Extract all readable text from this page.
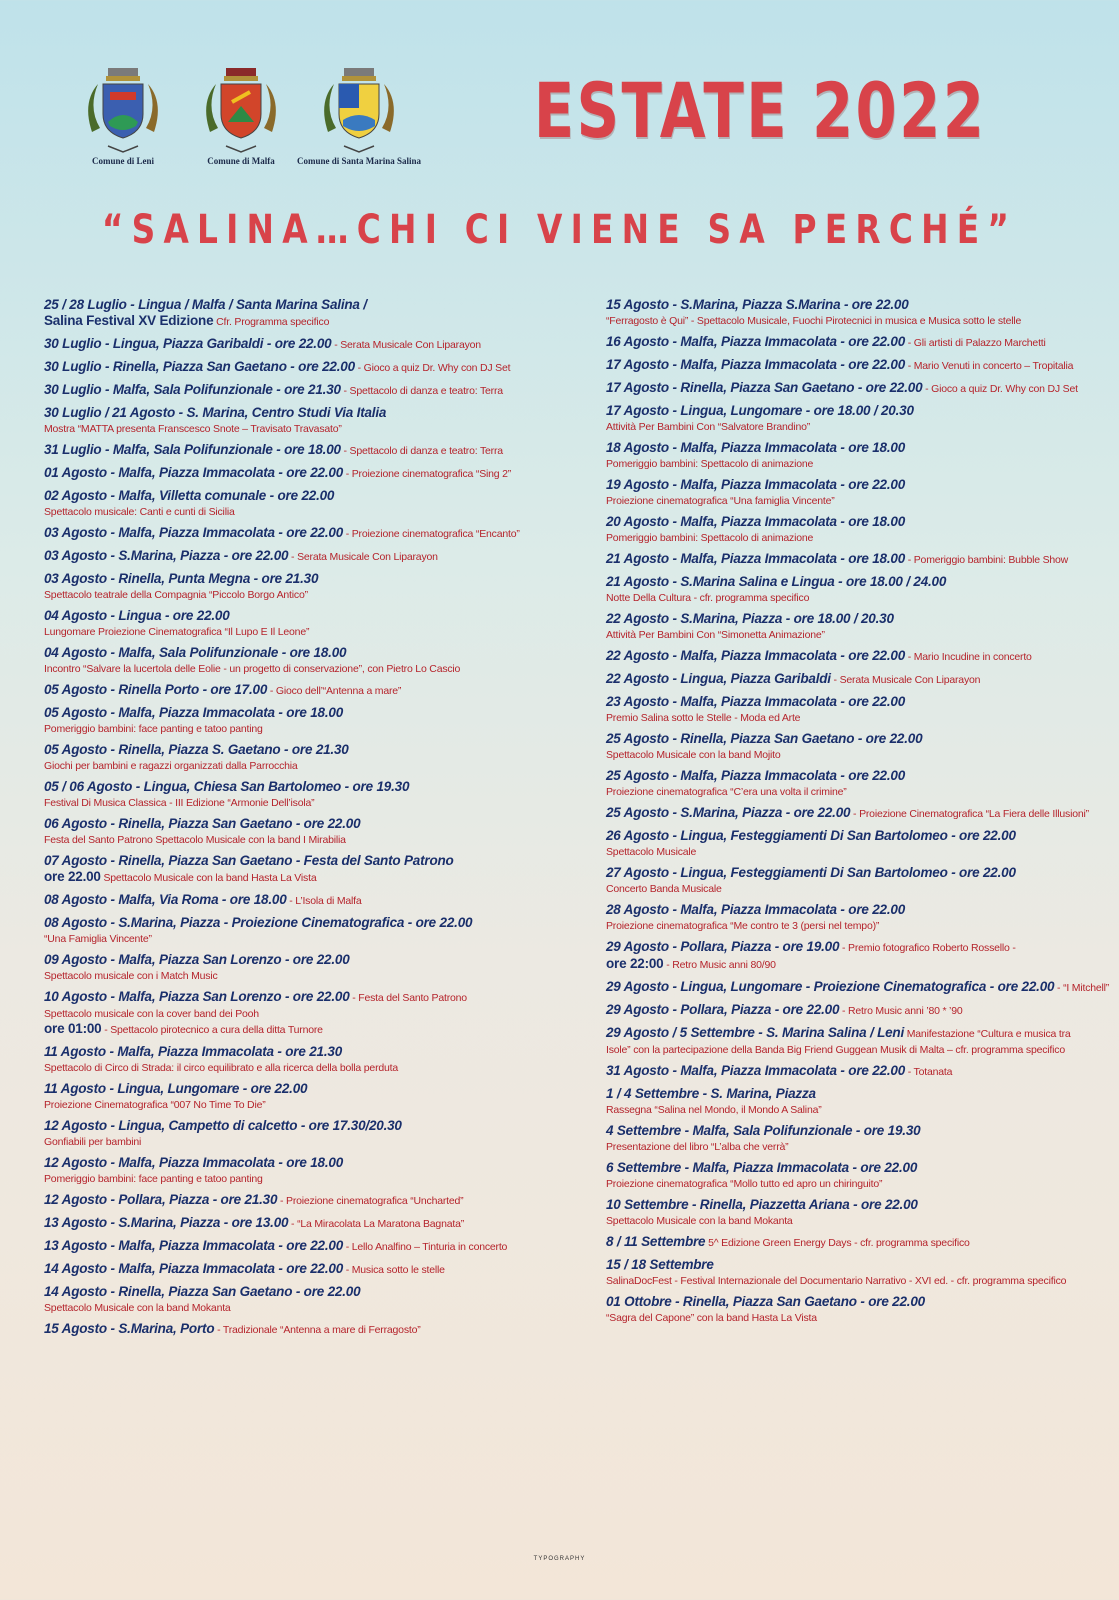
Comune di Leni	Comune di Malfa	Comune di Santa Marina Salina
ESTATE 2022
“SALINA…CHI CI VIENE SA PERCHÉ”
25 / 28 Luglio - Lingua / Malfa / Santa Marina Salina /
Salina Festival XV Edizione Cfr. Programma specifico
30 Luglio - Lingua, Piazza Garibaldi - ore 22.00 - Serata Musicale Con Liparayon
30 Luglio - Rinella, Piazza San Gaetano - ore 22.00 - Gioco a quiz Dr. Why con DJ Set
30 Luglio - Malfa, Sala Polifunzionale - ore 21.30 - Spettacolo di danza e teatro: Terra
30 Luglio / 21 Agosto - S. Marina, Centro Studi Via Italia
Mostra “MATTA presenta Franscesco Snote – Travisato Travasato”
31 Luglio - Malfa, Sala Polifunzionale - ore 18.00 - Spettacolo di danza e teatro: Terra
01 Agosto - Malfa, Piazza Immacolata - ore 22.00 - Proiezione cinematografica “Sing 2”
02 Agosto - Malfa, Villetta comunale - ore 22.00
Spettacolo musicale: Canti e cunti di Sicilia
03 Agosto - Malfa, Piazza Immacolata - ore 22.00 - Proiezione cinematografica “Encanto”
03 Agosto - S.Marina, Piazza - ore 22.00 - Serata Musicale Con Liparayon
03 Agosto - Rinella, Punta Megna - ore 21.30
Spettacolo teatrale della Compagnia “Piccolo Borgo Antico”
04 Agosto - Lingua - ore 22.00
Lungomare Proiezione Cinematografica “Il Lupo E Il Leone”
04 Agosto - Malfa, Sala Polifunzionale - ore 18.00
Incontro “Salvare la lucertola delle Eolie - un progetto di conservazione”, con Pietro Lo Cascio
05 Agosto - Rinella Porto - ore 17.00 - Gioco dell’“Antenna a mare”
05 Agosto - Malfa, Piazza Immacolata - ore 18.00
Pomeriggio bambini: face panting e tatoo panting
05 Agosto - Rinella, Piazza S. Gaetano - ore 21.30
Giochi per bambini e ragazzi organizzati dalla Parrocchia
05 / 06 Agosto - Lingua, Chiesa San Bartolomeo - ore 19.30
Festival Di Musica Classica - III Edizione “Armonie Dell’isola”
06 Agosto - Rinella, Piazza San Gaetano - ore 22.00
Festa del Santo Patrono Spettacolo Musicale con la band I Mirabilia
07 Agosto - Rinella, Piazza San Gaetano - Festa del Santo Patrono
ore 22.00 Spettacolo Musicale con la band Hasta La Vista
08 Agosto - Malfa, Via Roma - ore 18.00 - L’Isola di Malfa
08 Agosto - S.Marina, Piazza - Proiezione Cinematografica - ore 22.00
“Una Famiglia Vincente”
09 Agosto - Malfa, Piazza San Lorenzo - ore 22.00
Spettacolo musicale con i Match Music
10 Agosto - Malfa, Piazza San Lorenzo - ore 22.00 - Festa del Santo Patrono
Spettacolo musicale con la cover band dei Pooh
ore 01:00 - Spettacolo pirotecnico a cura della ditta Turnore
11 Agosto - Malfa, Piazza Immacolata - ore 21.30
Spettacolo di Circo di Strada: il circo equilibrato e alla ricerca della bolla perduta
11 Agosto - Lingua, Lungomare - ore 22.00
Proiezione Cinematografica “007 No Time To Die”
12 Agosto - Lingua, Campetto di calcetto - ore 17.30/20.30
Gonfiabili per bambini
12 Agosto - Malfa, Piazza Immacolata - ore 18.00
Pomeriggio bambini: face panting e tatoo panting
12 Agosto - Pollara, Piazza - ore 21.30 - Proiezione cinematografica “Uncharted”
13 Agosto - S.Marina, Piazza - ore 13.00 - “La Miracolata La Maratona Bagnata”
13 Agosto - Malfa, Piazza Immacolata - ore 22.00 - Lello Analfino – Tinturia in concerto
14 Agosto - Malfa, Piazza Immacolata - ore 22.00 - Musica sotto le stelle
14 Agosto - Rinella, Piazza San Gaetano - ore 22.00
Spettacolo Musicale con la band Mokanta
15 Agosto - S.Marina, Porto - Tradizionale “Antenna a mare di Ferragosto”
15 Agosto - S.Marina, Piazza S.Marina - ore 22.00
“Ferragosto è Qui” - Spettacolo Musicale, Fuochi Pirotecnici in musica e Musica sotto le stelle
16 Agosto - Malfa, Piazza Immacolata - ore 22.00 - Gli artisti di Palazzo Marchetti
17 Agosto - Malfa, Piazza Immacolata - ore 22.00 - Mario Venuti in concerto – Tropitalia
17 Agosto - Rinella, Piazza San Gaetano - ore 22.00 - Gioco a quiz Dr. Why con DJ Set
17 Agosto - Lingua, Lungomare - ore 18.00 / 20.30
Attività Per Bambini Con “Salvatore Brandino”
18 Agosto - Malfa, Piazza Immacolata - ore 18.00
Pomeriggio bambini: Spettacolo di animazione
19 Agosto - Malfa, Piazza Immacolata - ore 22.00
Proiezione cinematografica “Una famiglia Vincente”
20 Agosto - Malfa, Piazza Immacolata - ore 18.00
Pomeriggio bambini: Spettacolo di animazione
21 Agosto - Malfa, Piazza Immacolata - ore 18.00 - Pomeriggio bambini: Bubble Show
21 Agosto - S.Marina Salina e Lingua - ore 18.00 / 24.00
Notte Della Cultura - cfr. programma specifico
22 Agosto - S.Marina, Piazza - ore 18.00 / 20.30
Attività Per Bambini Con “Simonetta Animazione”
22 Agosto - Malfa, Piazza Immacolata - ore 22.00 - Mario Incudine in concerto
22 Agosto - Lingua, Piazza Garibaldi - Serata Musicale Con Liparayon
23 Agosto - Malfa, Piazza Immacolata - ore 22.00
Premio Salina sotto le Stelle - Moda ed Arte
25 Agosto - Rinella, Piazza San Gaetano - ore 22.00
Spettacolo Musicale con la band Mojito
25 Agosto - Malfa, Piazza Immacolata - ore 22.00
Proiezione cinematografica “C’era una volta il crimine”
25 Agosto - S.Marina, Piazza - ore 22.00 - Proiezione Cinematografica “La Fiera delle Illusioni”
26 Agosto - Lingua, Festeggiamenti Di San Bartolomeo - ore 22.00
Spettacolo Musicale
27 Agosto - Lingua, Festeggiamenti Di San Bartolomeo - ore 22.00
Concerto Banda Musicale
28 Agosto - Malfa, Piazza Immacolata - ore 22.00
Proiezione cinematografica “Me contro te 3 (persi nel tempo)”
29 Agosto - Pollara, Piazza - ore 19.00 - Premio fotografico Roberto Rossello -
ore 22:00 - Retro Music anni 80/90
29 Agosto - Lingua, Lungomare - Proiezione Cinematografica - ore 22.00 - “I Mitchell”
29 Agosto - Pollara, Piazza - ore 22.00 - Retro Music anni ’80 * ’90
29 Agosto / 5 Settembre - S. Marina Salina / Leni Manifestazione “Cultura e musica tra
Isole” con la partecipazione della Banda Big Friend Guggean Musik di Malta – cfr. programma specifico
31 Agosto - Malfa, Piazza Immacolata - ore 22.00 - Totanata
1 / 4 Settembre - S. Marina, Piazza
Rassegna “Salina nel Mondo, il Mondo A Salina”
4 Settembre - Malfa, Sala Polifunzionale - ore 19.30
Presentazione del libro “L’alba che verrà”
6 Settembre - Malfa, Piazza Immacolata - ore 22.00
Proiezione cinematografica “Mollo tutto ed apro un chiringuito”
10 Settembre - Rinella, Piazzetta Ariana - ore 22.00
Spettacolo Musicale con la band Mokanta
8 / 11 Settembre 5^ Edizione Green Energy Days - cfr. programma specifico
15 / 18 Settembre
SalinaDocFest - Festival Internazionale del Documentario Narrativo - XVI ed. - cfr. programma specifico
01 Ottobre - Rinella, Piazza San Gaetano - ore 22.00
“Sagra del Capone” con la band Hasta La Vista
TYPOGRAPHY
